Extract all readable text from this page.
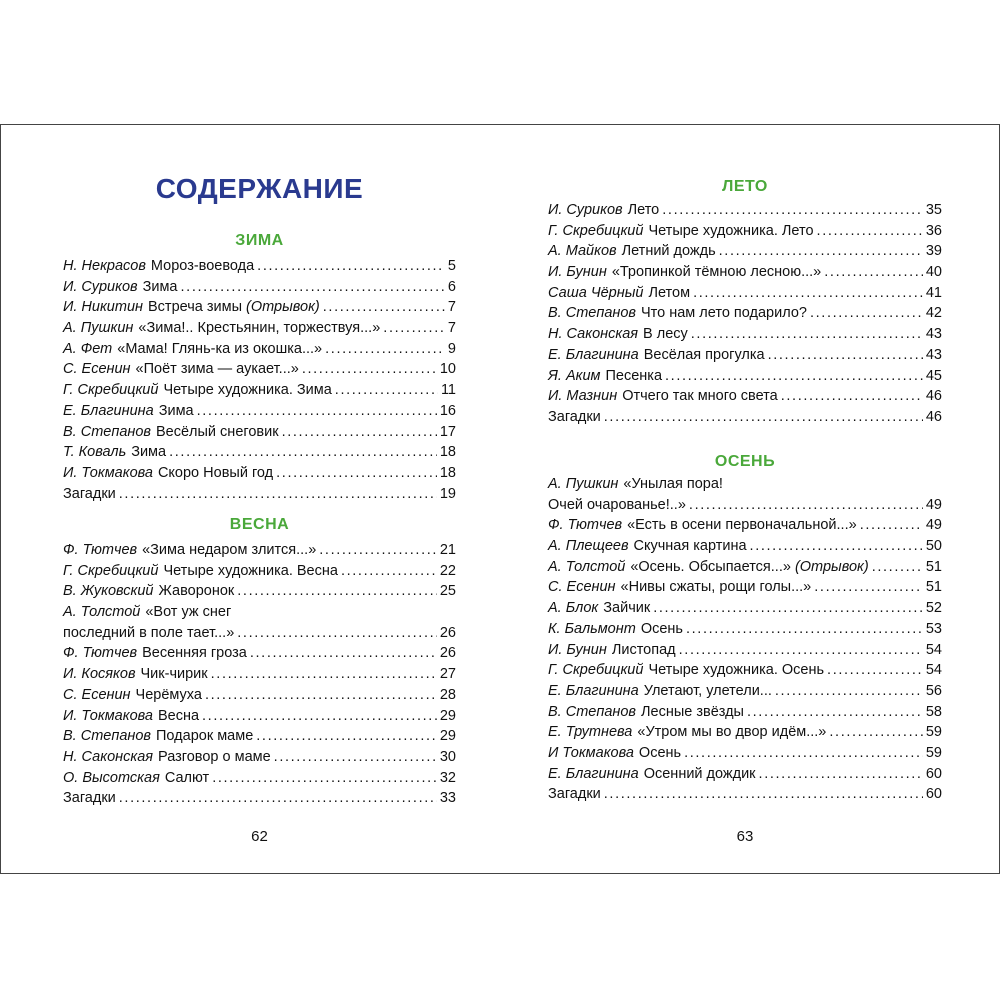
СОДЕРЖАНИЕ
ЗИМА
Н. Некрасов Мороз-воевода . . .	5
И. Суриков Зима . . .	6
И. Никитин Встреча зимы (Отрывок) . . .	7
А. Пушкин «Зима!.. Крестьянин, торжествуя...» . . .	7
А. Фет «Мама! Глянь-ка из окошка...» . . .	9
С. Есенин «Поёт зима — аукает...» . . .	10
Г. Скребицкий Четыре художника. Зима . . .	11
Е. Благинина Зима . . .	16
В. Степанов Весёлый снеговик . . .	17
Т. Коваль Зима . . .	18
И. Токмакова Скоро Новый год . . .	18
Загадки . . .	19
ВЕСНА
Ф. Тютчев «Зима недаром злится...» . . .	21
Г. Скребицкий Четыре художника. Весна . . .	22
В. Жуковский Жаворонок . . .	25
А. Толстой «Вот уж снег
последний в поле тает...» . . .	26
Ф. Тютчев Весенняя гроза . . .	26
И. Косяков Чик-чирик . . .	27
С. Есенин Черёмуха . . .	28
И. Токмакова Весна . . .	29
В. Степанов Подарок маме . . .	29
Н. Саконская Разговор о маме . . .	30
О. Высотская Салют . . .	32
Загадки . . .	33
62
ЛЕТО
И. Суриков Лето . . .	35
Г. Скребицкий Четыре художника. Лето . . .	36
А. Майков Летний дождь . . .	39
И. Бунин «Тропинкой тёмною лесною...» . . .	40
Саша Чёрный Летом . . .	41
В. Степанов Что нам лето подарило? . . .	42
Н. Саконская В лесу . . .	43
Е. Благинина Весёлая прогулка . . .	43
Я. Аким Песенка . . .	45
И. Мазнин Отчего так много света . . .	46
Загадки . . .	46
ОСЕНЬ
А. Пушкин «Унылая пора!
Очей очарованье!..» . . .	49
Ф. Тютчев «Есть в осени первоначальной...» . . .	49
А. Плещеев Скучная картина . . .	50
А. Толстой «Осень. Обсыпается...» (Отрывок) . . .	51
С. Есенин «Нивы сжаты, рощи голы...» . . .	51
А. Блок Зайчик . . .	52
К. Бальмонт Осень . . .	53
И. Бунин Листопад . . .	54
Г. Скребицкий Четыре художника. Осень . . .	54
Е. Благинина Улетают, улетели... . . .	56
В. Степанов Лесные звёзды . . .	58
Е. Трутнева «Утром мы во двор идём...» . . .	59
И Токмакова Осень . . .	59
Е. Благинина Осенний дождик . . .	60
Загадки . . .	60
63
